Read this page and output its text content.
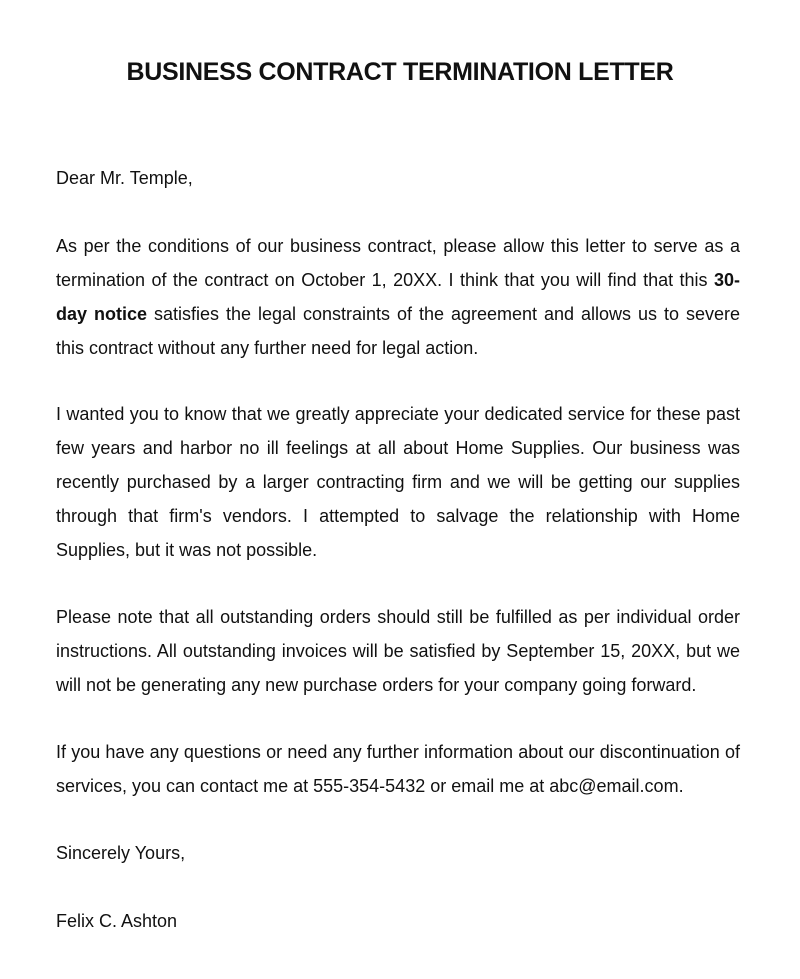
BUSINESS CONTRACT TERMINATION LETTER

Dear Mr. Temple,

As per the conditions of our business contract, please allow this letter to serve as a termination of the contract on October 1, 20XX. I think that you will find that this 30-day notice satisfies the legal constraints of the agreement and allows us to severe this contract without any further need for legal action.

I wanted you to know that we greatly appreciate your dedicated service for these past few years and harbor no ill feelings at all about Home Supplies. Our business was recently purchased by a larger contracting firm and we will be getting our supplies through that firm's vendors. I attempted to salvage the relationship with Home Supplies, but it was not possible.

Please note that all outstanding orders should still be fulfilled as per individual order instructions. All outstanding invoices will be satisfied by September 15, 20XX, but we will not be generating any new purchase orders for your company going forward.

If you have any questions or need any further information about our discontinuation of services, you can contact me at 555-354-5432 or email me at abc@email.com.

Sincerely Yours,

Felix C. Ashton
